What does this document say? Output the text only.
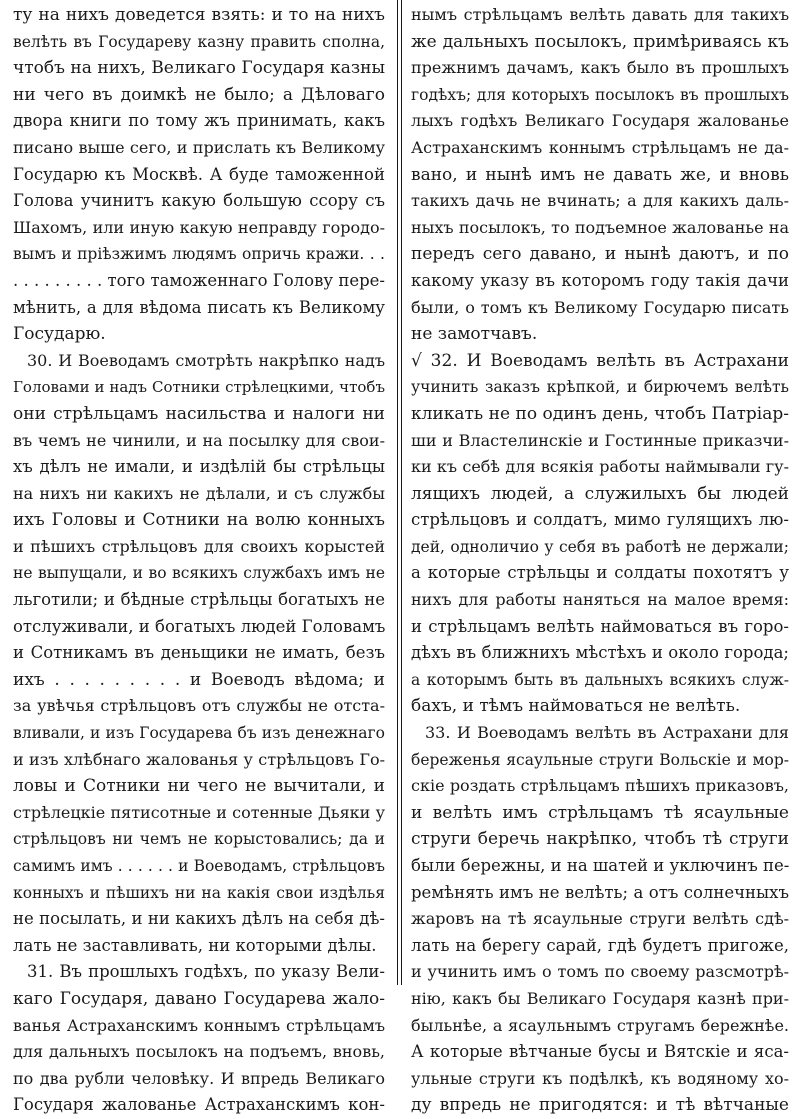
ту на нихъ доведется взять: и то на нихъ
велѣть въ Государеву казну править сполна,
чтобъ на нихъ, Великаго Государя казны
ни чего въ доимкѣ не было; а Дѣловаго
двора книги по тому жъ принимать, какъ
писано выше сего, и прислать къ Великому
Государю къ Москвѣ. А буде таможенной
Голова учинитъ какую большую ссору съ
Шахомъ, или иную какую неправду городо-
вымъ и пріѣзжимъ людямъ опричь кражи. . .
. . . . . . . . . того таможеннаго Голову пере-
мѣнить, а для вѣдома писать къ Великому
Государю.
30. И Воеводамъ смотрѣть накрѣпко надъ
Головами и надъ Сотники стрѣлецкими, чтобъ
они стрѣльцамъ насильства и налоги ни
въ чемъ не чинили, и на посылку для свои-
хъ дѣлъ не имали, и издѣлій бы стрѣльцы
на нихъ ни какихъ не дѣлали, и съ службы
ихъ Головы и Сотники на волю конныхъ
и пѣшихъ стрѣльцовъ для своихъ корыстей
не выпущали, и во всякихъ службахъ имъ не
льготили; и бѣдные стрѣльцы богатыхъ не
отслуживали, и богатыхъ людей Головамъ
и Сотникамъ въ деньщики не имать, безъ
ихъ . . . . . . . . . и Воеводъ вѣдома; и
за увѣчья стрѣльцовъ отъ службы не отста-
вливали, и изъ Государева бъ изъ денежнаго
и изъ хлѣбнаго жалованья у стрѣльцовъ Го-
ловы и Сотники ни чего не вычитали, и
стрѣлецкіе пятисотные и сотенные Дьяки у
стрѣльцовъ ни чемъ не корыстовались; да и
самимъ имъ . . . . . . и Воеводамъ, стрѣльцовъ
конныхъ и пѣшихъ ни на какія свои издѣлья
не посылать, и ни какихъ дѣлъ на себя дѣ-
лать не заставливать, ни которыми дѣлы.
31. Въ прошлыхъ годѣхъ, по указу Вели-
каго Государя, давано Государева жало-
ванья Астраханскимъ коннымъ стрѣльцамъ
для дальныхъ посылокъ на подъемъ, вновь,
по два рубли человѣку. И впредь Великаго
Государя жалованье Астраханскимъ кон-
нымъ стрѣльцамъ велѣть давать для такихъ
же дальныхъ посылокъ, примѣриваясь къ
прежнимъ дачамъ, какъ было въ прошлыхъ
годѣхъ; для которыхъ посылокъ въ прошлыхъ
лыхъ годѣхъ Великаго Государя жалованье
Астраханскимъ коннымъ стрѣльцамъ не да-
вано, и нынѣ имъ не давать же, и вновь
такихъ дачь не вчинать; а для какихъ даль-
ныхъ посылокъ, то подъемное жалованье на
передъ сего давано, и нынѣ даютъ, и по
какому указу въ которомъ году такія дачи
были, о томъ къ Великому Государю писать
не замотчавъ.
√ 32. И Воеводамъ велѣть въ Астрахани
учинить заказъ крѣпкой, и бирючемъ велѣть
кликать не по одинъ день, чтобъ Патріар-
ши и Властелинскіе и Гостинные приказчи-
ки къ себѣ для всякія работы наймывали гу-
лящихъ людей, а служилыхъ бы людей
стрѣльцовъ и солдатъ, мимо гулящихъ лю-
дей, одноличио у себя въ работѣ не держали;
а которые стрѣльцы и солдаты похотятъ у
нихъ для работы наняться на малое время:
и стрѣльцамъ велѣть наймоваться въ горо-
дѣхъ въ ближнихъ мѣстѣхъ и около города;
а которымъ быть въ дальныхъ всякихъ служ-
бахъ, и тѣмъ наймоваться не велѣть.
33. И Воеводамъ велѣть въ Астрахани для
береженья ясаульные струги Вольскіе и мор-
скіе роздать стрѣльцамъ пѣшихъ приказовъ,
и велѣть имъ стрѣльцамъ тѣ ясаульные
струги беречь накрѣпко, чтобъ тѣ струги
были бережны, и на шатей и уключинъ пе-
ремѣнять имъ не велѣть; а отъ солнечныхъ
жаровъ на тѣ ясаульные струги велѣть сдѣ-
лать на берегу сарай, гдѣ будетъ пригоже,
и учинить имъ о томъ по своему разсмотрѣ-
нію, какъ бы Великаго Государя казнѣ при-
быльнѣе, а ясаульнымъ стругамъ бережнѣе.
А которые вѣтчаные бусы и Вятскіе и яса-
ульные струги къ подѣлкѣ, къ водяному хо-
ду впредь не пригодятся: и тѣ вѣтчаные
